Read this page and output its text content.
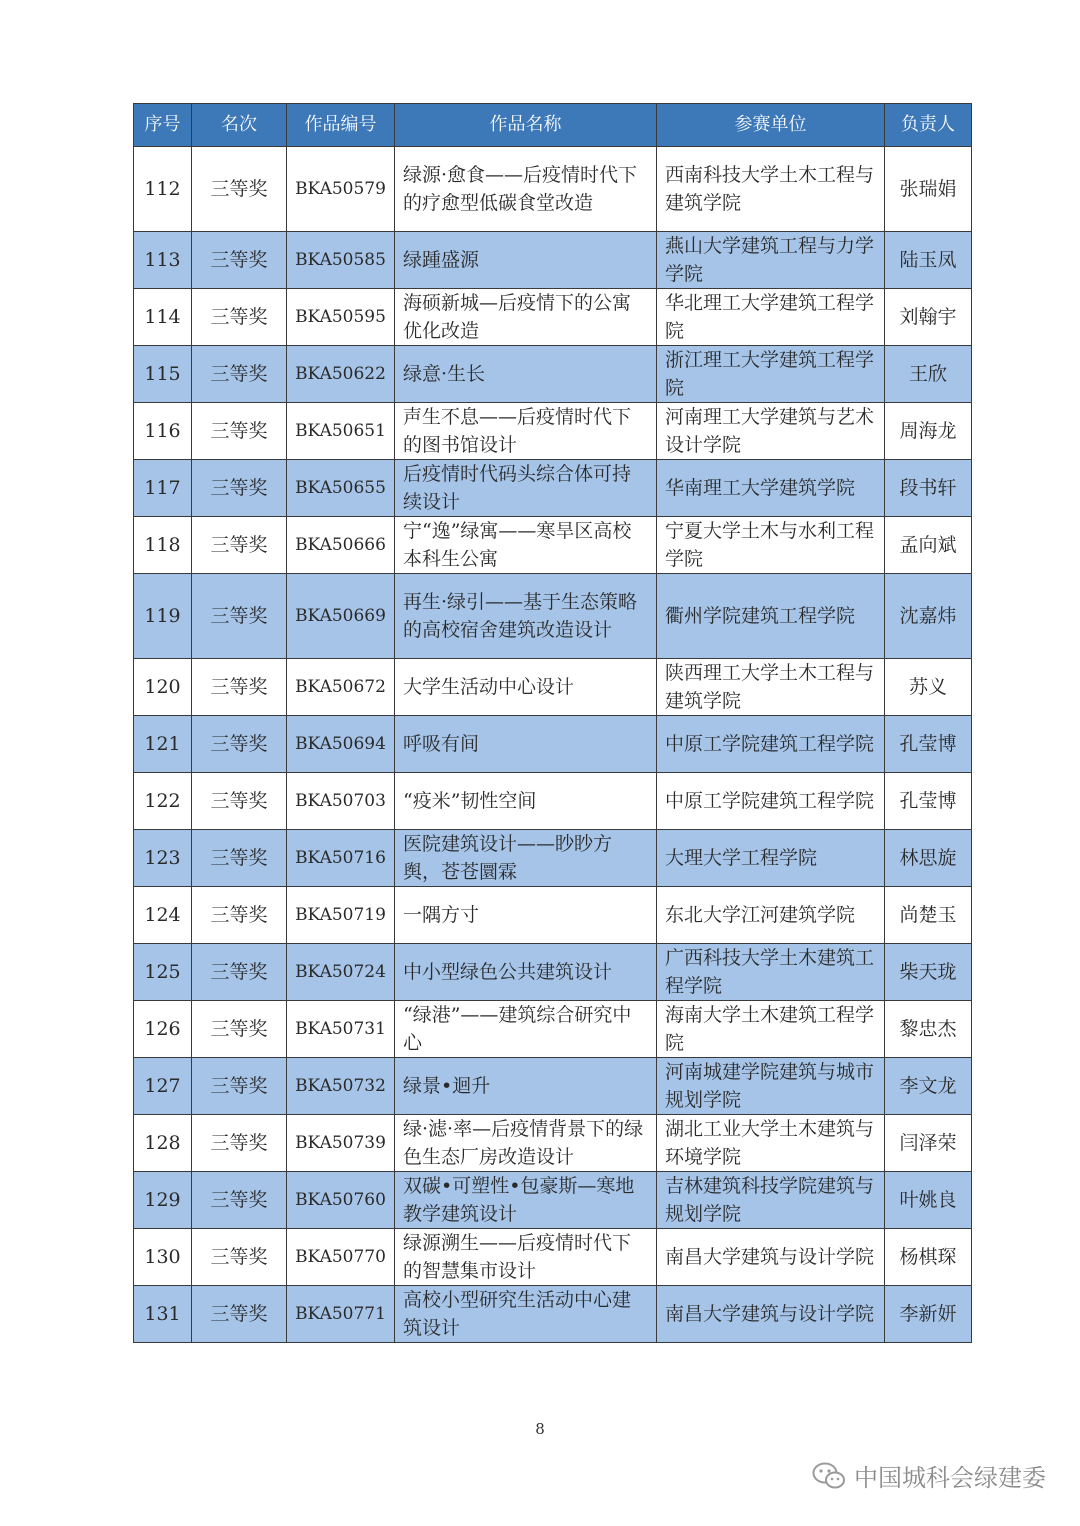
序号	名次	作品编号	作品名称	参赛单位	负责人
112	三等奖	BKA50579	绿源·愈食——后疫情时代下的疗愈型低碳食堂改造	西南科技大学土木工程与建筑学院	张瑞娟
113	三等奖	BKA50585	绿踵盛源	燕山大学建筑工程与力学学院	陆玉凤
114	三等奖	BKA50595	海硕新城—后疫情下的公寓优化改造	华北理工大学建筑工程学院	刘翰宇
115	三等奖	BKA50622	绿意·生长	浙江理工大学建筑工程学院	王欣
116	三等奖	BKA50651	声生不息——后疫情时代下的图书馆设计	河南理工大学建筑与艺术设计学院	周海龙
117	三等奖	BKA50655	后疫情时代码头综合体可持续设计	华南理工大学建筑学院	段书轩
118	三等奖	BKA50666	宁“逸”绿寓——寒旱区高校本科生公寓	宁夏大学土木与水利工程学院	孟向斌
119	三等奖	BKA50669	再生·绿引——基于生态策略的高校宿舍建筑改造设计	衢州学院建筑工程学院	沈嘉炜
120	三等奖	BKA50672	大学生活动中心设计	陕西理工大学土木工程与建筑学院	苏义
121	三等奖	BKA50694	呼吸有间	中原工学院建筑工程学院	孔莹博
122	三等奖	BKA50703	“疫米”韧性空间	中原工学院建筑工程学院	孔莹博
123	三等奖	BKA50716	医院建筑设计——眇眇方舆，苍苍圜霖	大理大学工程学院	林思旋
124	三等奖	BKA50719	一隅方寸	东北大学江河建筑学院	尚楚玉
125	三等奖	BKA50724	中小型绿色公共建筑设计	广西科技大学土木建筑工程学院	柴天珑
126	三等奖	BKA50731	“绿港”——建筑综合研究中心	海南大学土木建筑工程学院	黎忠杰
127	三等奖	BKA50732	绿景•迴升	河南城建学院建筑与城市规划学院	李文龙
128	三等奖	BKA50739	绿·滤·率—后疫情背景下的绿色生态厂房改造设计	湖北工业大学土木建筑与环境学院	闫泽荣
129	三等奖	BKA50760	双碳•可塑性•包豪斯—寒地教学建筑设计	吉林建筑科技学院建筑与规划学院	叶姚良
130	三等奖	BKA50770	绿源溯生——后疫情时代下的智慧集市设计	南昌大学建筑与设计学院	杨棋琛
131	三等奖	BKA50771	高校小型研究生活动中心建筑设计	南昌大学建筑与设计学院	李新妍
8
中国城科会绿建委
